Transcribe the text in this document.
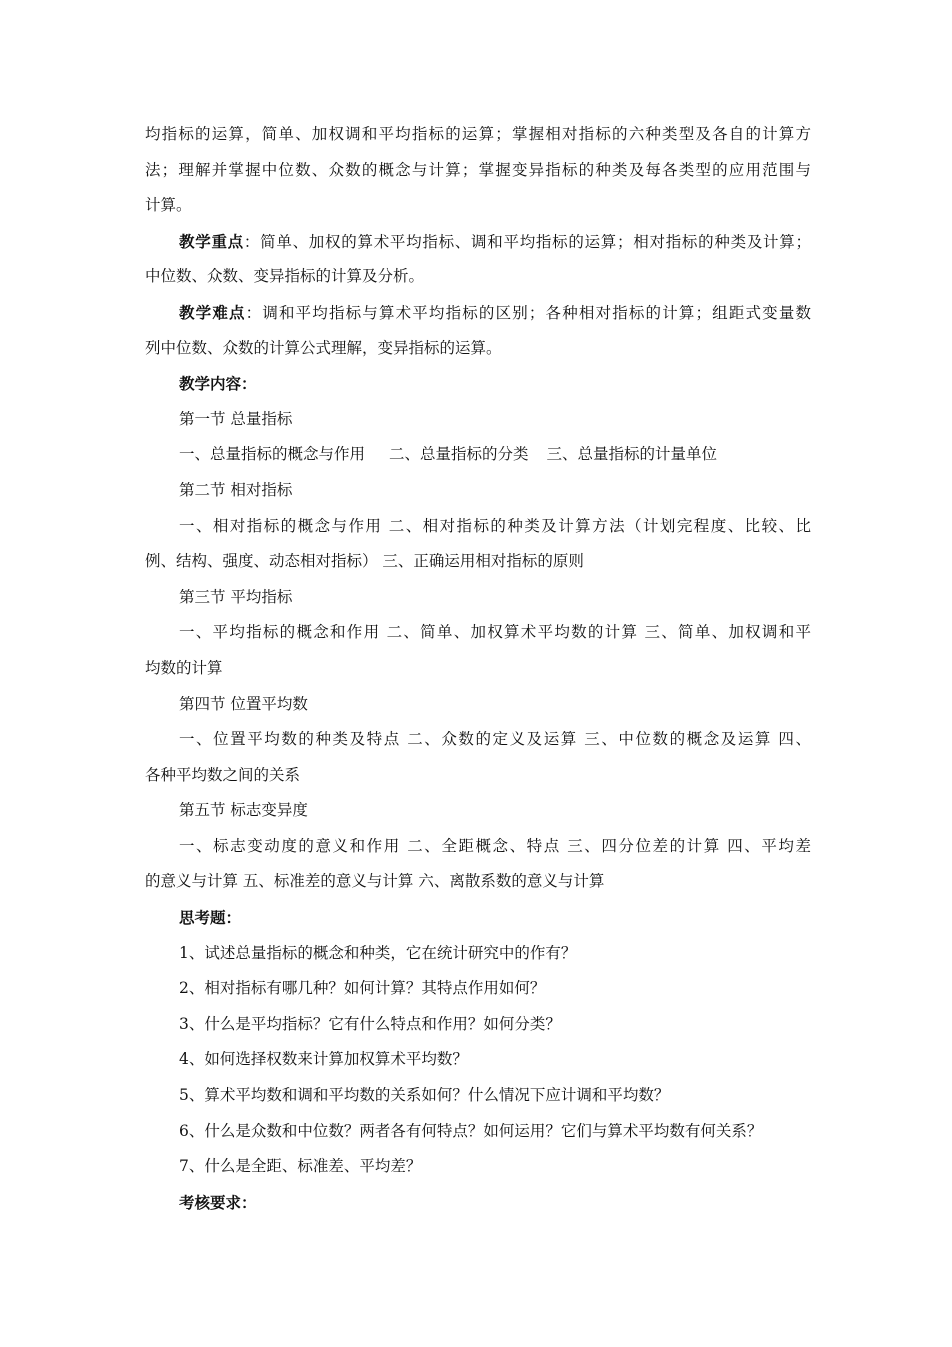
均指标的运算，简单、加权调和平均指标的运算；掌握相对指标的六种类型及各自的计算方
法；理解并掌握中位数、众数的概念与计算；掌握变异指标的种类及每各类型的应用范围与
计算。
教学重点：简单、加权的算术平均指标、调和平均指标的运算；相对指标的种类及计算；
中位数、众数、变异指标的计算及分析。
教学难点：调和平均指标与算术平均指标的区别；各种相对指标的计算；组距式变量数
列中位数、众数的计算公式理解，变异指标的运算。
教学内容：
第一节 总量指标
一、总量指标的概念与作用 二、总量指标的分类 三、总量指标的计量单位
第二节 相对指标
一、相对指标的概念与作用 二、相对指标的种类及计算方法（计划完程度、比较、比
例、结构、强度、动态相对指标） 三、正确运用相对指标的原则
第三节 平均指标
一、平均指标的概念和作用 二、简单、加权算术平均数的计算 三、简单、加权调和平
均数的计算
第四节 位置平均数
一、位置平均数的种类及特点 二、众数的定义及运算 三、中位数的概念及运算 四、
各种平均数之间的关系
第五节 标志变异度
一、标志变动度的意义和作用 二、全距概念、特点 三、四分位差的计算 四、平均差
的意义与计算 五、标准差的意义与计算 六、离散系数的意义与计算
思考题：
1、试述总量指标的概念和种类，它在统计研究中的作有？
2、相对指标有哪几种？如何计算？其特点作用如何？
3、什么是平均指标？它有什么特点和作用？如何分类？
4、如何选择权数来计算加权算术平均数？
5、算术平均数和调和平均数的关系如何？什么情况下应计调和平均数？
6、什么是众数和中位数？两者各有何特点？如何运用？它们与算术平均数有何关系？
7、什么是全距、标准差、平均差？
考核要求：
